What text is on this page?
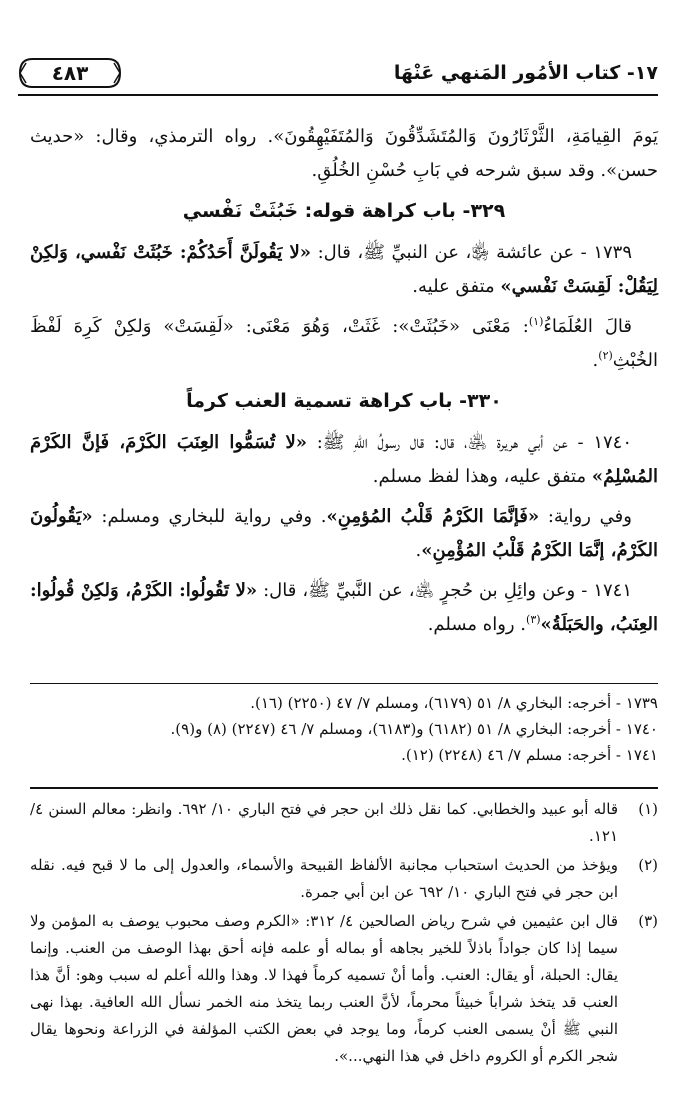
١٧- كتاب الأمُور المَنهي عَنْهَا
٤٨٣

يَومَ القِيامَةِ، الثَّرْثَارُونَ وَالمُتَشَدِّقُونَ وَالمُتَفَيْهِقُونَ». رواه الترمذي، وقال: «حديث حسن». وقد سبق شرحه في بَابِ حُسْنِ الخُلُقِ.

٣٢٩- باب كراهة قوله: خَبُثَتْ نَفْسي

١٧٣٩ - عن عائشة ﵂، عن النبيِّ ﷺ، قال: «لا يَقُولَنَّ أَحَدُكُمْ: خَبُثَتْ نَفْسي، وَلكِنْ لِيَقُلْ: لَقِسَتْ نَفْسي» متفق عليه.

قالَ العُلَمَاءُ$^{(١)}$: مَعْنَى «خَبُثَتْ»: غَثَتْ، وَهُوَ مَعْنَى: «لَقِسَتْ» وَلكِنْ كَرِهَ لَفْظَ الخُبْثِ$^{(٢)}$.

٣٣٠- باب كراهة تسمية العنب كرماً

١٧٤٠ - عن أبي هريرة ﵁، قال: قال رسولُ اللهِ ﷺ: «لا تُسَمُّوا العِنَبَ الكَرْمَ، فَإنَّ الكَرْمَ المُسْلِمُ» متفق عليه، وهذا لفظ مسلم.

وفي رواية: «فَإنَّمَا الكَرْمُ قَلْبُ المُؤمِنِ». وفي رواية للبخاري ومسلم: «يَقُولُونَ الكَرْمُ، إنَّمَا الكَرْمُ قَلْبُ المُؤْمِنِ».

١٧٤١ - وعن وائِلِ بن حُجرٍ ﵁، عن النَّبيِّ ﷺ، قال: «لا تَقُولُوا: الكَرْمُ، وَلكِنْ قُولُوا: العِنَبُ، والحَبَلَةُ»$^{(٣)}$. رواه مسلم.

١٧٣٩ - أخرجه: البخاري ٨/ ٥١ (٦١٧٩)، ومسلم ٧/ ٤٧ (٢٢٥٠) (١٦).

١٧٤٠ - أخرجه: البخاري ٨/ ٥١ (٦١٨٢) و(٦١٨٣)، ومسلم ٧/ ٤٦ (٢٢٤٧) (٨) و(٩).

١٧٤١ - أخرجه: مسلم ٧/ ٤٦ (٢٢٤٨) (١٢).

(١)
قاله أبو عبيد والخطابي. كما نقل ذلك ابن حجر في فتح الباري ١٠/ ٦٩٢. وانظر: معالم السنن ٤/ ١٢١.
(٢)
ويؤخذ من الحديث استحباب مجانبة الألفاظ القبيحة والأسماء، والعدول إلى ما لا قبح فيه. نقله ابن حجر في فتح الباري ١٠/ ٦٩٢ عن ابن أبي جمرة.
(٣)
قال ابن عثيمين في شرح رياض الصالحين ٤/ ٣١٢: «الكرم وصف محبوب يوصف به المؤمن ولا سيما إذا كان جواداً باذلاً للخير بجاهه أو بماله أو علمه فإنه أحق بهذا الوصف من العنب. وإنما يقال: الحبلة، أو يقال: العنب. وأما أنْ تسميه كرماً فهذا لا. وهذا والله أعلم له سبب وهو: أنَّ هذا العنب قد يتخذ شراباً خبيثاً محرماً، لأنَّ العنب ربما يتخذ منه الخمر نسأل الله العافية. بهذا نهى النبي ﷺ أنْ يسمى العنب كرماً، وما يوجد في بعض الكتب المؤلفة في الزراعة ونحوها يقال شجر الكرم أو الكروم داخل في هذا النهي...».
